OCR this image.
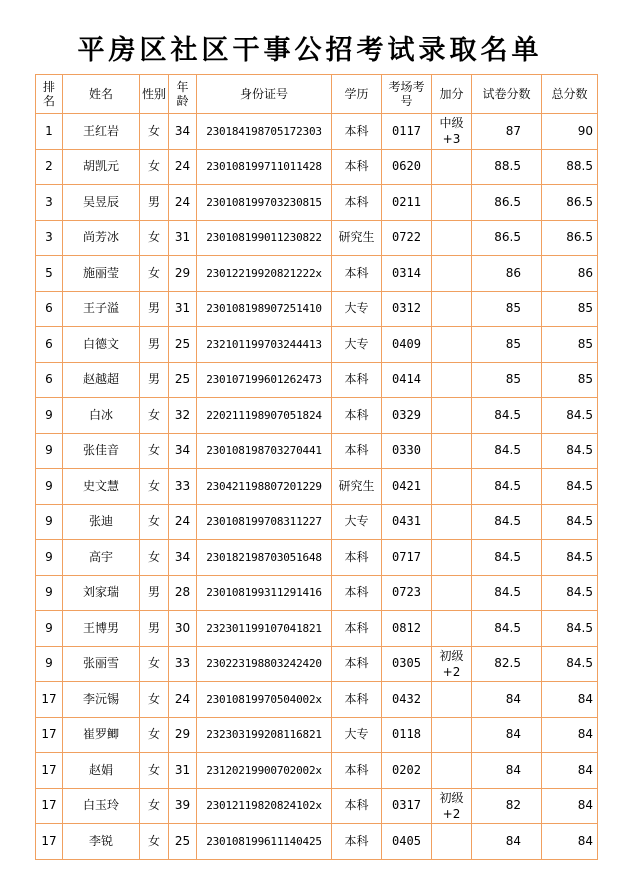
平房区社区干事公招考试录取名单
排名	姓名	性别	年龄	身份证号	学历	考场考号	加分	试卷分数	总分数
1	王红岩	女	34	230184198705172303	本科	0117	中级+3	87	90
2	胡凯元	女	24	230108199711011428	本科	0620		88.5	88.5
3	吴昱辰	男	24	230108199703230815	本科	0211		86.5	86.5
3	尚芳冰	女	31	230108199011230822	研究生	0722		86.5	86.5
5	施丽莹	女	29	23012219920821222x	本科	0314		86	86
6	王子溢	男	31	230108198907251410	大专	0312		85	85
6	白德文	男	25	232101199703244413	大专	0409		85	85
6	赵越超	男	25	230107199601262473	本科	0414		85	85
9	白冰	女	32	220211198907051824	本科	0329		84.5	84.5
9	张佳音	女	34	230108198703270441	本科	0330		84.5	84.5
9	史文慧	女	33	230421198807201229	研究生	0421		84.5	84.5
9	张迪	女	24	230108199708311227	大专	0431		84.5	84.5
9	高宇	女	34	230182198703051648	本科	0717		84.5	84.5
9	刘家瑞	男	28	230108199311291416	本科	0723		84.5	84.5
9	王博男	男	30	232301199107041821	本科	0812		84.5	84.5
9	张丽雪	女	33	230223198803242420	本科	0305	初级+2	82.5	84.5
17	李沅锡	女	24	23010819970504002x	本科	0432		84	84
17	崔罗鲫	女	29	232303199208116821	大专	0118		84	84
17	赵娟	女	31	23120219900702002x	本科	0202		84	84
17	白玉玲	女	39	23012119820824102x	本科	0317	初级+2	82	84
17	李锐	女	25	230108199611140425	本科	0405		84	84
